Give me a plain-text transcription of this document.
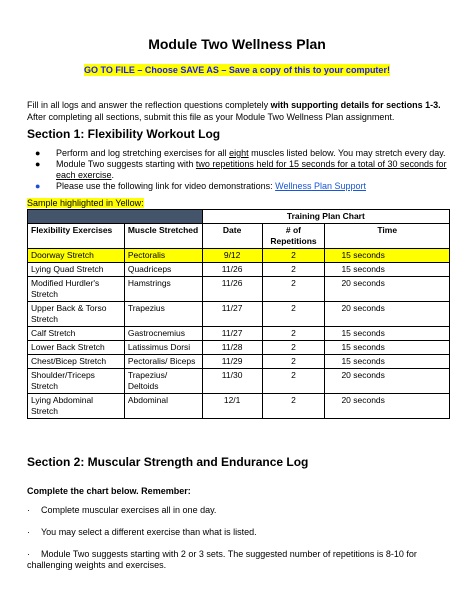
Module Two Wellness Plan
GO TO FILE – Choose SAVE AS – Save a copy of this to your computer!
Fill in all logs and answer the reflection questions completely with supporting details for sections 1-3. After completing all sections, submit this file as your Module Two Wellness Plan assignment.
Section 1: Flexibility Workout Log
● Perform and log stretching exercises for all eight muscles listed below. You may stretch every day.
● Module Two suggests starting with two repetitions held for 15 seconds for a total of 30 seconds for each exercise.
● Please use the following link for video demonstrations: Wellness Plan Support
Sample highlighted in Yellow:
		Training Plan Chart		
Flexibility Exercises	Muscle Stretched	Date	# of Repetitions	Time
Doorway Stretch	Pectoralis	9/12	2	15 seconds
Lying Quad Stretch	Quadriceps	11/26	2	15 seconds
Modified Hurdler's Stretch	Hamstrings	11/26	2	20 seconds
Upper Back & Torso Stretch	Trapezius	11/27	2	20 seconds
Calf Stretch	Gastrocnemius	11/27	2	15 seconds
Lower Back Stretch	Latissimus Dorsi	11/28	2	15 seconds
Chest/Bicep Stretch	Pectoralis/ Biceps	11/29	2	15 seconds
Shoulder/Triceps Stretch	Trapezius/ Deltoids	11/30	2	20 seconds
Lying Abdominal Stretch	Abdominal	12/1	2	20 seconds
Section 2: Muscular Strength and Endurance Log
Complete the chart below. Remember:
· Complete muscular exercises all in one day.
· You may select a different exercise than what is listed.
· Module Two suggests starting with 2 or 3 sets. The suggested number of repetitions is 8-10 for challenging weights and exercises.
